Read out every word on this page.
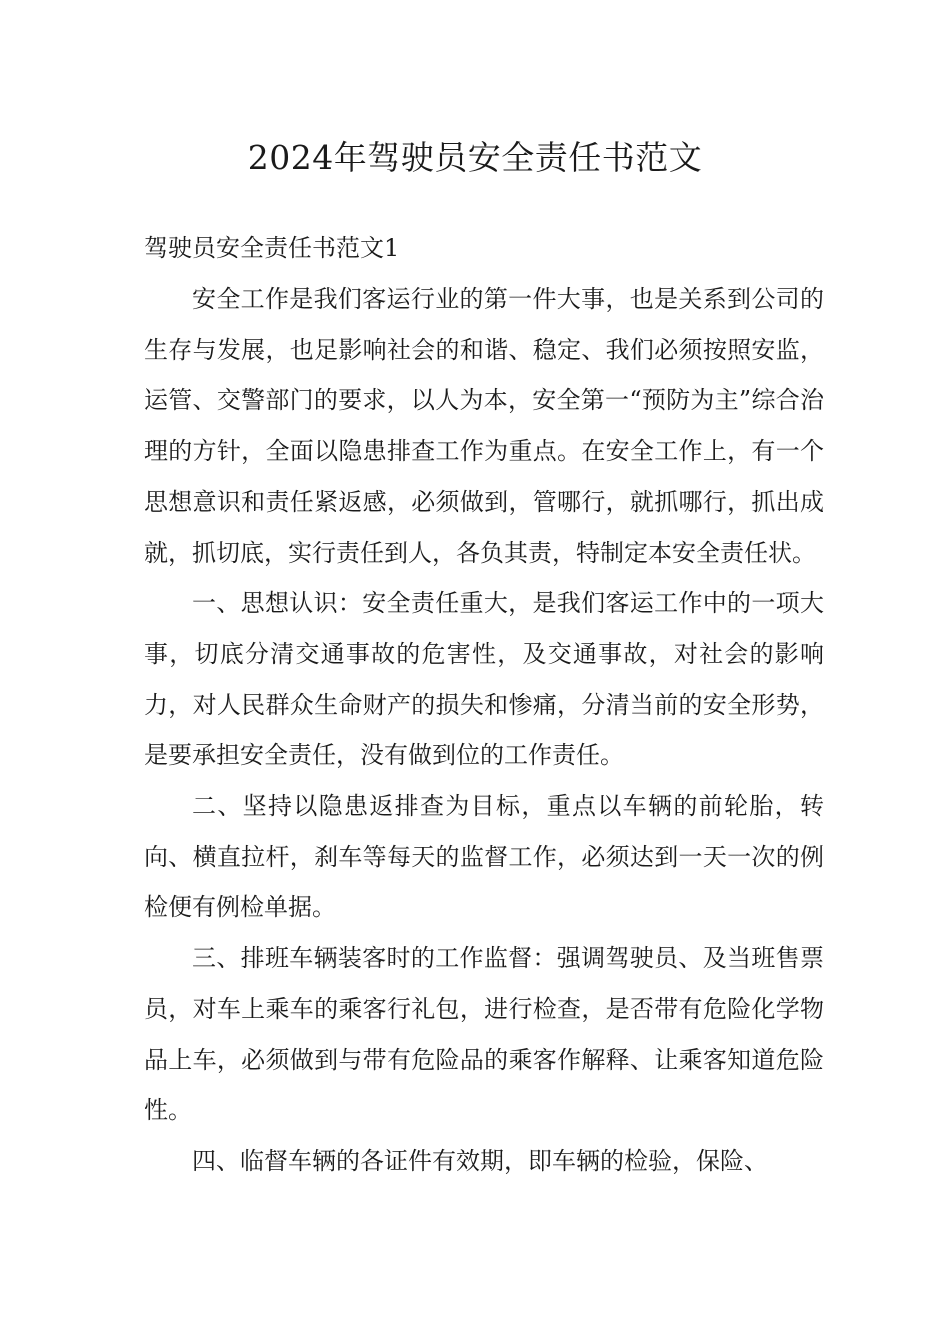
2024年驾驶员安全责任书范文
驾驶员安全责任书范文1

安全工作是我们客运行业的第一件大事，也是关系到公司的生存与发展，也足影响社会的和谐、稳定、我们必须按照安监，运管、交警部门的要求，以人为本，安全第一“预防为主”综合治理的方针，全面以隐患排查工作为重点。在安全工作上，有一个思想意识和责任紧返感，必须做到，管哪行，就抓哪行，抓出成就，抓切底，实行责任到人，各负其责，特制定本安全责任状。

一、思想认识：安全责任重大，是我们客运工作中的一项大事，切底分清交通事故的危害性，及交通事故，对社会的影响力，对人民群众生命财产的损失和惨痛，分清当前的安全形势，是要承担安全责任，没有做到位的工作责任。

二、坚持以隐患返排查为目标，重点以车辆的前轮胎，转向、横直拉杆，刹车等每天的监督工作，必须达到一天一次的例检便有例检单据。

三、排班车辆装客时的工作监督：强调驾驶员、及当班售票员，对车上乘车的乘客行礼包，进行检查，是否带有危险化学物品上车，必须做到与带有危险品的乘客作解释、让乘客知道危险性。

四、临督车辆的各证件有效期，即车辆的检验，保险、
